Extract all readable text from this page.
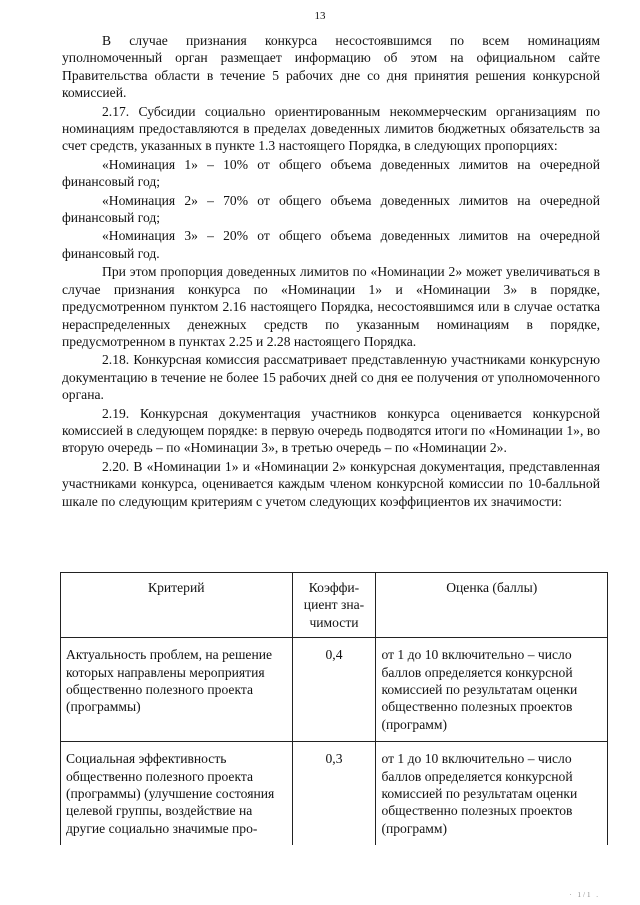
13

В случае признания конкурса несостоявшимся по всем номинациям уполномоченный орган размещает информацию об этом на официальном сайте Правительства области в течение 5 рабочих дне со дня принятия решения конкурсной комиссией.

2.17. Субсидии социально ориентированным некоммерческим организациям по номинациям предоставляются в пределах доведенных лимитов бюджетных обязательств за счет средств, указанных в пункте 1.3 настоящего Порядка, в следующих пропорциях:

«Номинация 1» – 10% от общего объема доведенных лимитов на очередной финансовый год;

«Номинация 2» – 70% от общего объема доведенных лимитов на очередной финансовый год;

«Номинация 3» – 20% от общего объема доведенных лимитов на очередной финансовый год.

При этом пропорция доведенных лимитов по «Номинации 2» может увеличиваться в случае признания конкурса по «Номинации 1» и «Номинации 3» в порядке, предусмотренном пунктом 2.16 настоящего Порядка, несостоявшимся или в случае остатка нераспределенных денежных средств по указанным номинациям в порядке, предусмотренном в пунктах 2.25 и 2.28 настоящего Порядка.

2.18. Конкурсная комиссия рассматривает представленную участниками конкурсную документацию в течение не более 15 рабочих дней со дня ее получения от уполномоченного органа.

2.19. Конкурсная документация участников конкурса оценивается конкурсной комиссией в следующем порядке: в первую очередь подводятся итоги по «Номинации 1», во вторую очередь – по «Номинации 3», в третью очередь – по «Номинации 2».

2.20. В «Номинации 1» и «Номинации 2» конкурсная документация, представленная участниками конкурса, оценивается каждым членом конкурсной комиссии по 10-балльной шкале по следующим критериям с учетом следующих коэффициентов их значимости:

Критерий	Коэффи-циент зна-чимости	Оценка (баллы)
Актуальность проблем, на решение которых направлены мероприятия общественно полезного проекта (программы)	0,4	от 1 до 10 включительно – число баллов определяется конкурсной комиссией по результатам оценки общественно полезных проектов (программ)
Социальная эффективность общественно полезного проекта (программы) (улучшение состояния целевой группы, воздействие на другие социально значимые про-	0,3	от 1 до 10 включительно – число баллов определяется конкурсной комиссией по результатам оценки общественно полезных проектов (программ)
· 1/1 .
